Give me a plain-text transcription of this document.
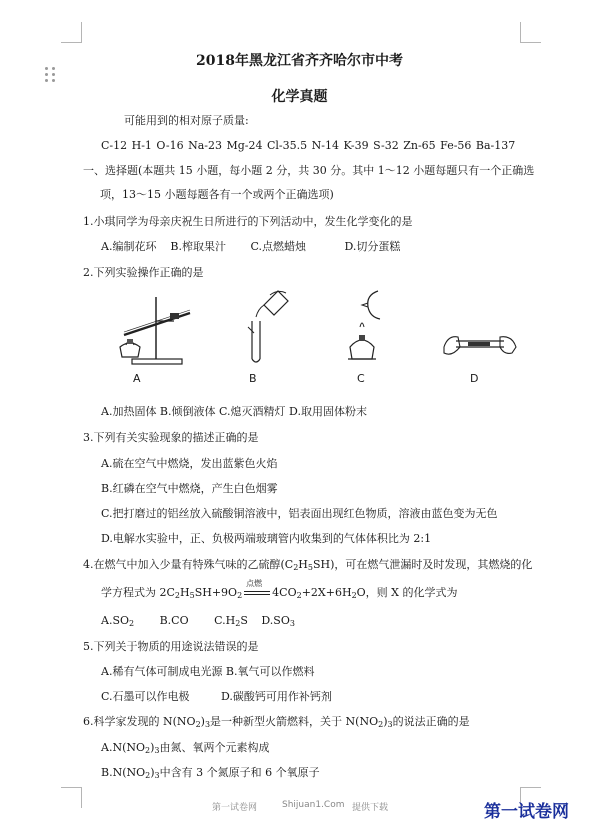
2018年黑龙江省齐齐哈尔市中考
化学真题
可能用到的相对原子质量:
C-12 H-1 O-16 Na-23 Mg-24 Cl-35.5 N-14 K-39 S-32 Zn-65 Fe-56 Ba-137
一、选择题(本题共 15 小题，每小题 2 分，共 30 分。其中 1～12 小题每题只有一个正确选
项，13～15 小题每题各有一个或两个正确选项)
1.小琪同学为母亲庆祝生日所进行的下列活动中，发生化学变化的是
A.编制花环    B.榨取果汁       C.点燃蜡烛           D.切分蛋糕
2.下列实验操作正确的是
A	B	C	D
A.加热固体 B.倾倒液体 C.熄灭酒精灯 D.取用固体粉末
3.下列有关实验现象的描述正确的是
A.硫在空气中燃烧，发出蓝紫色火焰
B.红磷在空气中燃烧，产生白色烟雾
C.把打磨过的铝丝放入硫酸铜溶液中，铝表面出现红色物质，溶液由蓝色变为无色
D.电解水实验中，正、负极两端玻璃管内收集到的气体体积比为 2:1
4.在燃气中加入少量有特殊气味的乙硫醇$(C_2H_5SH)$，可在燃气泄漏时及时发现，其燃烧的化
学方程式为 $2C_2H_5SH+9O_2$
点燃
$4CO_2+2X+6H_2O$，则 X 的化学式为
$A.SO_2$ B.CO $C.H_2S$ $D.SO_3$
5.下列关于物质的用途说法错误的是
A.稀有气体可制成电光源 B.氧气可以作燃料
C.石墨可以作电极         D.碳酸钙可用作补钙剂
6.科学家发现的 $N(NO_2)_3$是一种新型火箭燃料，关于 $N(NO_2)_3$的说法正确的是
$A.N(NO_2)_3$由氮、氧两个元素构成
$B.N(NO_2)_3$中含有 3 个氮原子和 6 个氧原子
第一试卷网	Shijuan1.Com 提供下载	第一试卷网
